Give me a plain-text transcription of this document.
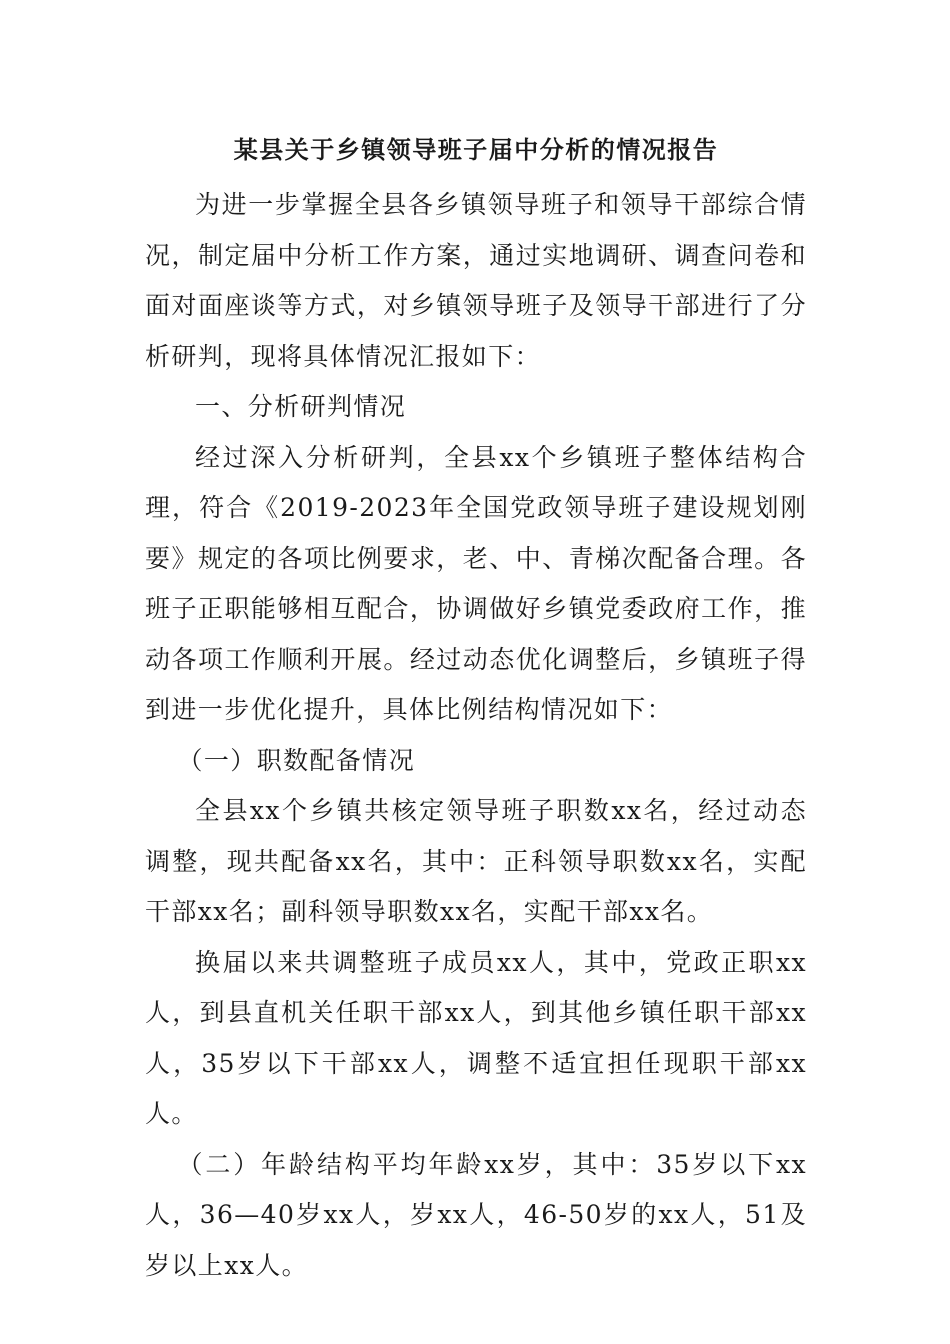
某县关于乡镇领导班子届中分析的情况报告

为进一步掌握全县各乡镇领导班子和领导干部综合情况，制定届中分析工作方案，通过实地调研、调查问卷和面对面座谈等方式，对乡镇领导班子及领导干部进行了分析研判，现将具体情况汇报如下：

一、分析研判情况

经过深入分析研判，全县xx个乡镇班子整体结构合理，符合《2019-2023年全国党政领导班子建设规划刚要》规定的各项比例要求，老、中、青梯次配备合理。各班子正职能够相互配合，协调做好乡镇党委政府工作，推动各项工作顺利开展。经过动态优化调整后，乡镇班子得到进一步优化提升，具体比例结构情况如下：

（一）职数配备情况

全县xx个乡镇共核定领导班子职数xx名，经过动态调整，现共配备xx名，其中：正科领导职数xx名，实配干部xx名；副科领导职数xx名，实配干部xx名。

换届以来共调整班子成员xx人，其中，党政正职xx人，到县直机关任职干部xx人，到其他乡镇任职干部xx人，35岁以下干部xx人，调整不适宜担任现职干部xx人。

（二）年龄结构平均年龄xx岁，其中：35岁以下xx人，36—40岁xx人，岁xx人，46-50岁的xx人，51及岁以上xx人。
